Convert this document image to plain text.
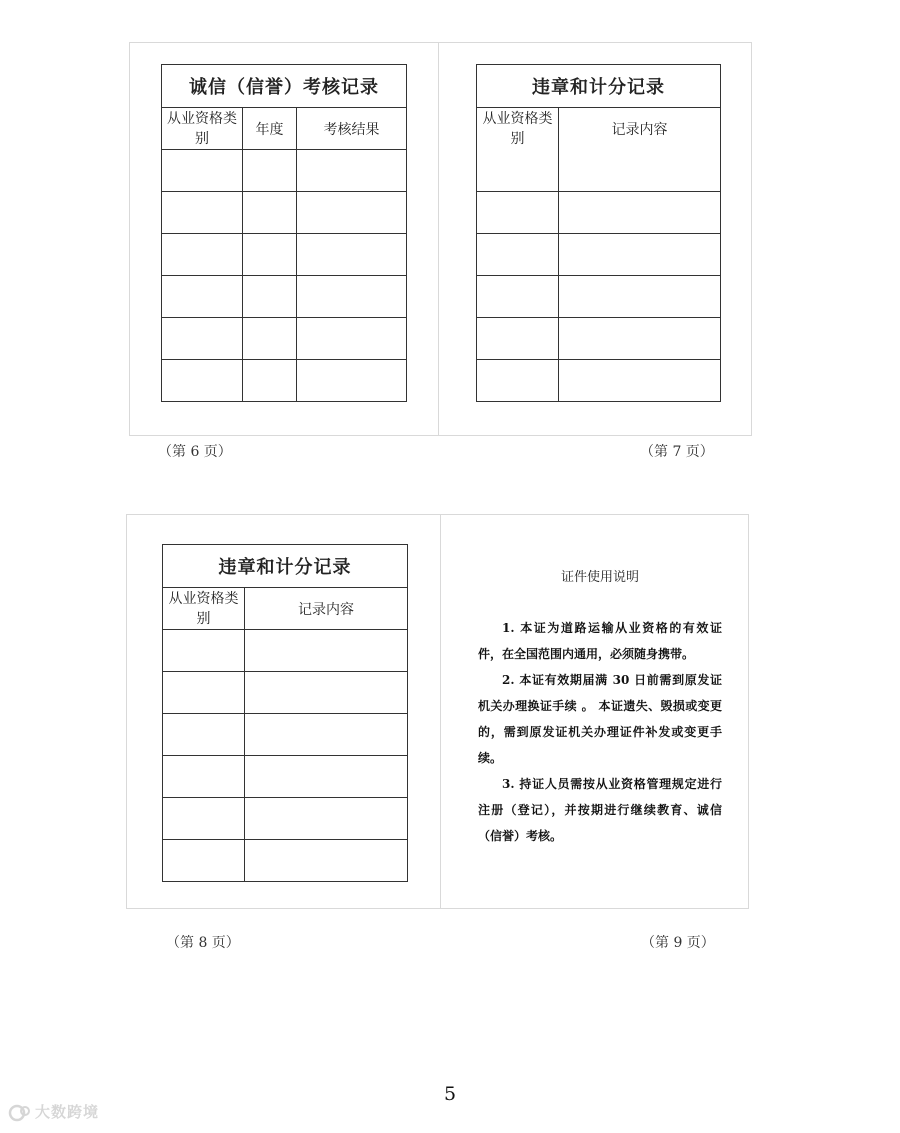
诚信（信誉）考核记录		
从业资格类别	年度	考核结果

违章和计分记录	
从业资格类别	记录内容

（第 6 页）	（第 7 页）
违章和计分记录	
从业资格类别	记录内容

证件使用说明

1. 本证为道路运输从业资格的有效证件，在全国范围内通用，必须随身携带。

2. 本证有效期届满 30 日前需到原发证机关办理换证手续 。 本证遗失、毁损或变更的，需到原发证机关办理证件补发或变更手续。

3. 持证人员需按从业资格管理规定进行注册（登记），并按期进行继续教育、诚信（信誉）考核。

（第 8 页）	（第 9 页）
5
大数跨境
